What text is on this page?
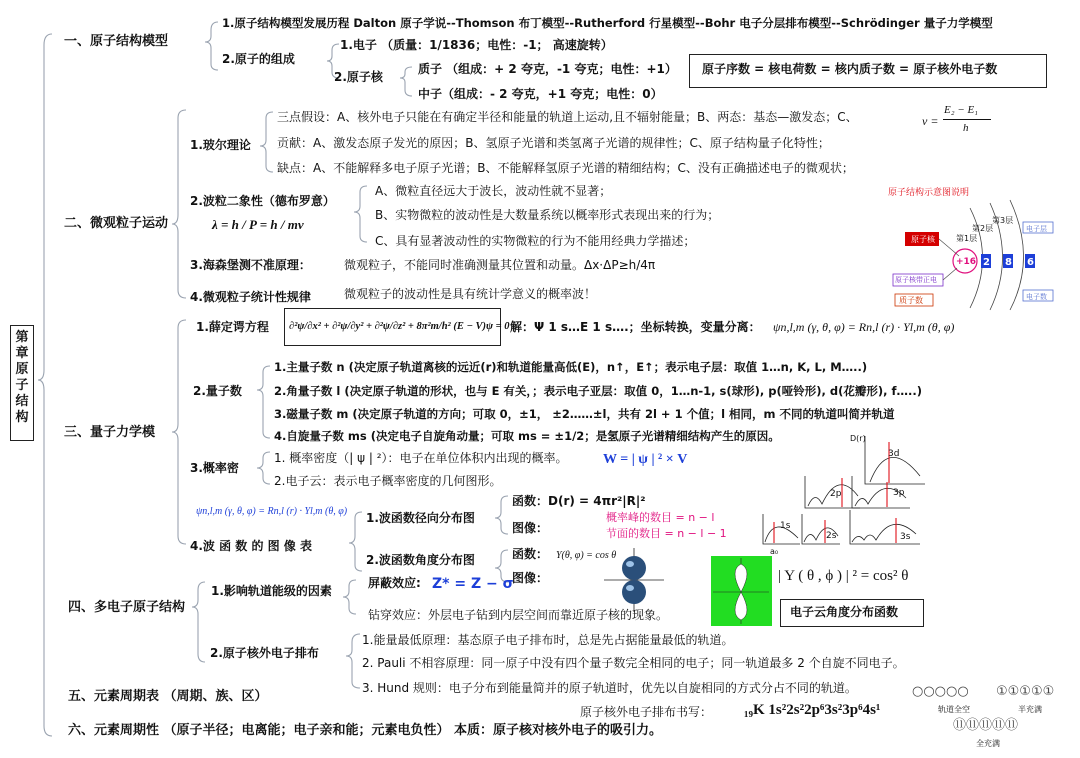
第
章
原
子
结
构
一、原子结构模型
1.原子结构模型发展历程 Dalton 原子学说--Thomson 布丁模型--Rutherford 行星模型--Bohr 电子分层排布模型--Schrödinger 量子力学模型
2.原子的组成
1.电子 （质量：1/1836；电性：-1； 高速旋转）
2.原子核
质子 （组成：+ 2 夸克，-1 夸克；电性：+1）
中子（组成：- 2 夸克，+1 夸克；电性：0）
原子序数 = 核电荷数 = 核内质子数 = 原子核外电子数
二、微观粒子运动
1.玻尔理论
三点假设：A、核外电子只能在有确定半径和能量的轨道上运动,且不辐射能量；B、两态：基态—激发态；C、	ν =
E₂ − E₁
h
贡献：A、激发态原子发光的原因；B、氢原子光谱和类氢离子光谱的规律性；C、原子结构量子化特性；
缺点：A、不能解释多电子原子光谱；B、不能解释氢原子光谱的精细结构；C、没有正确描述电子的微观状；
2.波粒二象性（德布罗意）
λ = h / P = h / mv
A、微粒直径远大于波长，波动性就不显著；
B、实物微粒的波动性是大数量系统以概率形式表现出来的行为；
C、具有显著波动性的实物微粒的行为不能用经典力学描述；
3.海森堡测不准原理：	微观粒子，不能同时准确测量其位置和动量。Δx·ΔP≥h/4π
4.微观粒子统计性规律	微观粒子的波动性是具有统计学意义的概率波！
原子结构示意图说明
第3层
第2层
第1层
电子层
原子核
原子核带正电
质子数	电子数
+16 2 8 6
三、量子力学模
1.薛定谔方程 ∂²ψ/∂x² + ∂²ψ/∂y² + ∂²ψ/∂z² + 8π²m/h² (E − V)ψ = 0 解：Ψ 1 s…E 1 s….；坐标转换，变量分离： ψn,l,m (γ, θ, φ) = Rn,l (r) · Yl,m (θ, φ)
2.量子数
1.主量子数 n (决定原子轨道离核的远近(r)和轨道能量高低(E)，n↑，E↑；表示电子层：取值 1…n, K, L, M…..)
2.角量子数 l (决定原子轨道的形状，也与 E 有关，；表示电子亚层：取值 0，1…n-1, s(球形), p(哑铃形), d(花瓣形), f…..)
3.磁量子数 m (决定原子轨道的方向；可取 0，±1， ±2……±l，共有 2l + 1 个值；l 相同，m 不同的轨道叫简并轨道
4.自旋量子数 ms (决定电子自旋角动量；可取 ms = ±1/2；是氢原子光谱精细结构产生的原因。
3.概率密
1. 概率密度（| ψ | ²）：电子在单位体积内出现的概率。	W = | ψ | ² × V
2.电子云：表示电子概率密度的几何图形。
ψn,l,m (γ, θ, φ) = Rn,l (r) · Yl,m (θ, φ)
4.波 函 数 的 图 像 表
1.波函数径向分布图
函数：D(r) = 4πr²|R|²
图像：
概率峰的数目 = n − l
节面的数目 = n − l − 1
2.波函数角度分布图	函数： Y(θ, φ) = cos θ
图像：
3d
D(r)
2p	3p
1s
2s	3s
a₀
| Y ( θ , ϕ ) | ² = cos² θ
电子云角度分布函数
四、多电子原子结构
1.影响轨道能级的因素
屏蔽效应: Z* = Z − σ
钻穿效应：外层电子钻到内层空间而靠近原子核的现象。
2.原子核外电子排布
1.能量最低原理：基态原子电子排布时，总是先占据能量最低的轨道。
2. Pauli 不相容原理：同一原子中没有四个量子数完全相同的电子；同一轨道最多 2 个自旋不同电子。
3. Hund 规则：电子分布到能量简并的原子轨道时，优先以自旋相同的方式分占不同的轨道。
原子核外电子排布书写： ₁₉K 1s²2s²2p⁶3s²3p⁶4s¹
○○○○○ ①①①①①
轨道全空	半充满
⑪⑪⑪⑪⑪
全充满
五、元素周期表 （周期、族、区）
六、元素周期性 （原子半径；电离能；电子亲和能；元素电负性） 本质：原子核对核外电子的吸引力。
